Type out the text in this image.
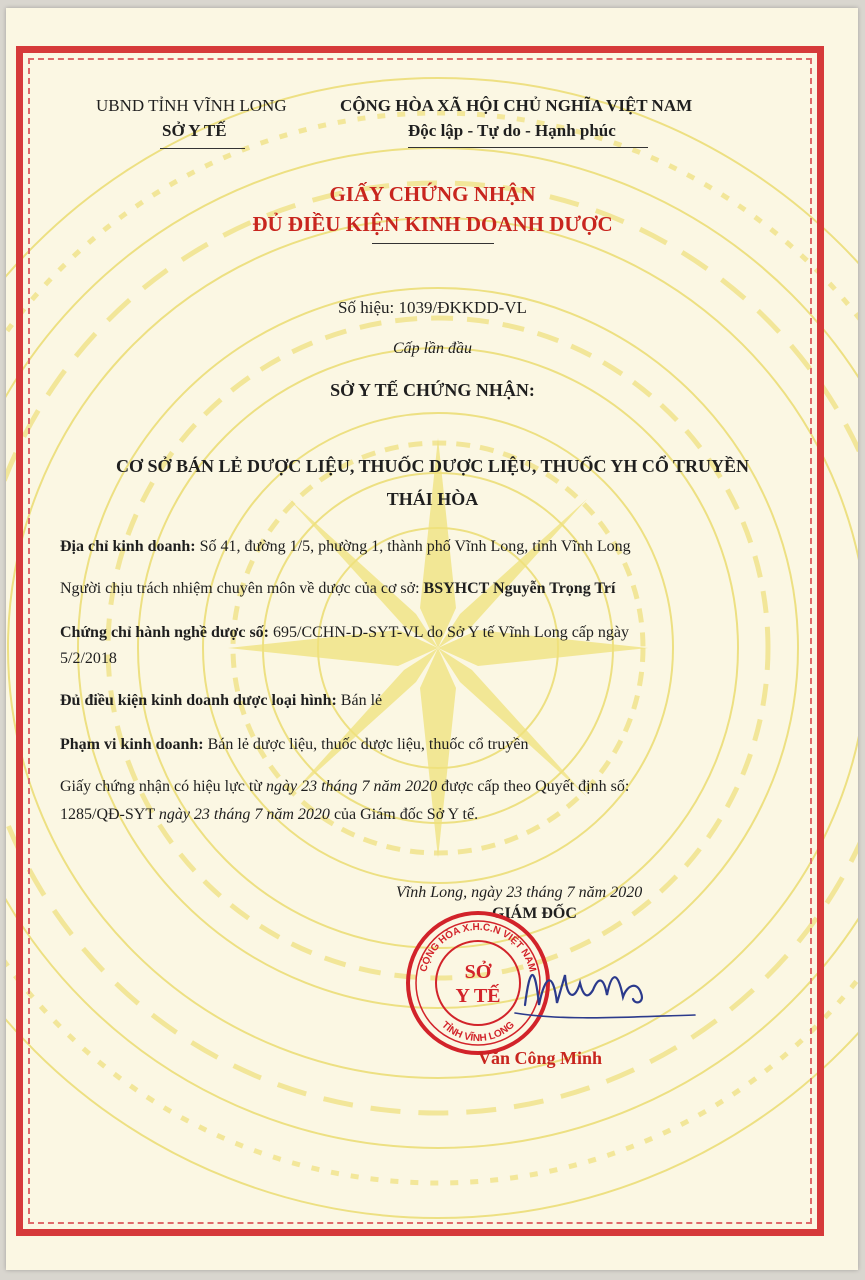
UBND TỈNH VĨNH LONG
SỞ Y TẾ
CỘNG HÒA XÃ HỘI CHỦ NGHĨA VIỆT NAM
Độc lập - Tự do - Hạnh phúc
GIẤY CHỨNG NHẬN
ĐỦ ĐIỀU KIỆN KINH DOANH DƯỢC
Số hiệu: 1039/ĐKKDD-VL
Cấp lần đầu
SỞ Y TẾ CHỨNG NHẬN:
CƠ SỞ BÁN LẺ DƯỢC LIỆU, THUỐC DƯỢC LIỆU, THUỐC YH CỔ TRUYỀN
THÁI HÒA
Địa chỉ kinh doanh: Số 41, đường 1/5, phường 1, thành phố Vĩnh Long, tỉnh Vĩnh Long
Người chịu trách nhiệm chuyên môn về dược của cơ sở: BSYHCT Nguyễn Trọng Trí
Chứng chỉ hành nghề dược số: 695/CCHN-D-SYT-VL do Sở Y tế Vĩnh Long cấp ngày
5/2/2018
Đủ điều kiện kinh doanh dược loại hình: Bán lẻ
Phạm vi kinh doanh: Bán lẻ dược liệu, thuốc dược liệu, thuốc cổ truyền
Giấy chứng nhận có hiệu lực từ ngày 23 tháng 7 năm 2020 được cấp theo Quyết định số:
1285/QĐ-SYT ngày 23 tháng 7 năm 2020 của Giám đốc Sở Y tế.
Vĩnh Long, ngày 23 tháng 7 năm 2020
GIÁM ĐỐC
CỘNG HÒA X.H.C.N VIỆT NAM
TỈNH VĨNH LONG
SỞ
Y TẾ
Văn Công Minh
